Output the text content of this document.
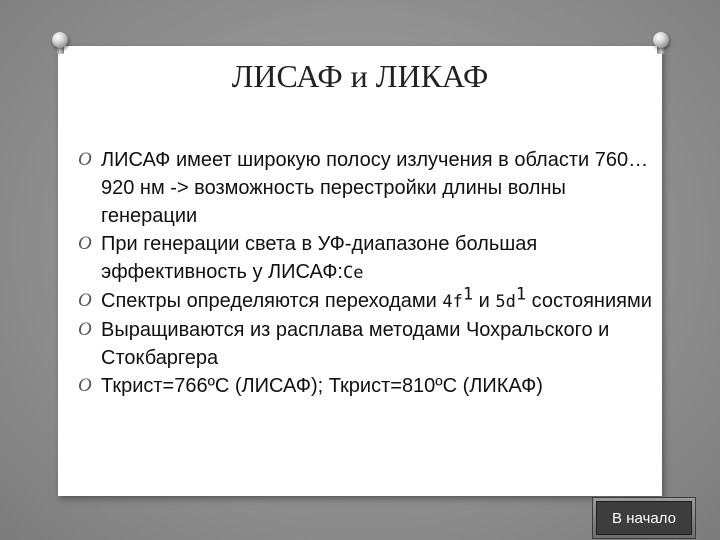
ЛИСАФ и ЛИКАФ
O ЛИСАФ имеет широкую полосу излучения в области 760…920 нм -> возможность перестройки длины волны генерации
O При генерации света в УФ-диапазоне большая эффективность у ЛИСАФ:Ce
O Спектры определяются переходами $4f^1$ и $5d^1$ состояниями
O Выращиваются из расплава методами Чохральского и Стокбаргера
O Ткрист=766ºC (ЛИСАФ); Ткрист=810ºC (ЛИКАФ)
В начало
